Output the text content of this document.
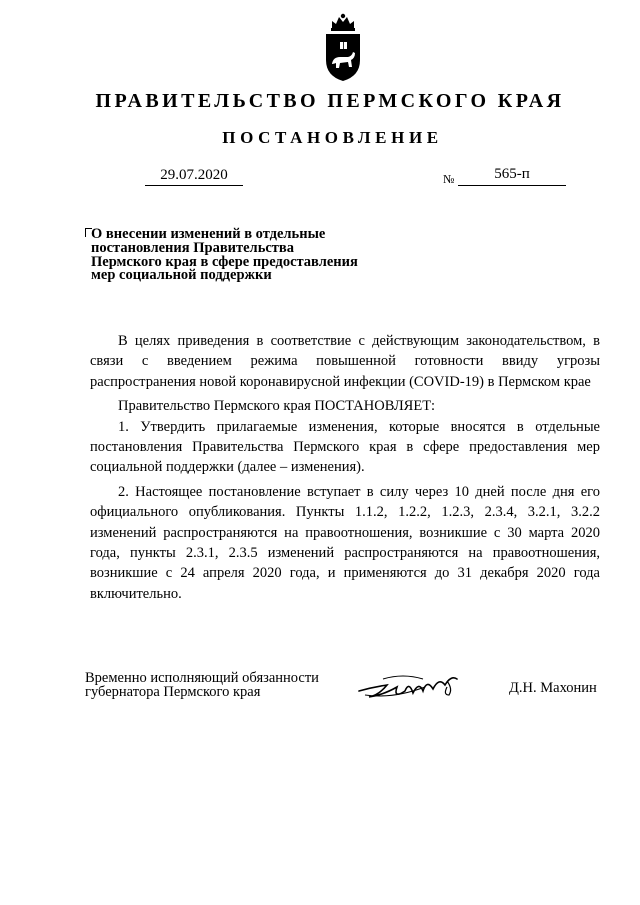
ПРАВИТЕЛЬСТВО ПЕРМСКОГО КРАЯ
ПОСТАНОВЛЕНИЕ
29.07.2020	№	565-п
О внесении изменений в отдельные
постановления Правительства
Пермского края в сфере предоставления
мер социальной поддержки

В целях приведения в соответствие с действующим законодательством, в связи с введением режима повышенной готовности ввиду угрозы распространения новой коронавирусной инфекции (COVID-19) в Пермском крае

Правительство Пермского края ПОСТАНОВЛЯЕТ:

1. Утвердить прилагаемые изменения, которые вносятся в отдельные постановления Правительства Пермского края в сфере предоставления мер социальной поддержки (далее – изменения).

2. Настоящее постановление вступает в силу через 10 дней после дня его официального опубликования. Пункты 1.1.2, 1.2.2, 1.2.3, 2.3.4, 3.2.1, 3.2.2 изменений распространяются на правоотношения, возникшие с 30 марта 2020 года, пункты 2.3.1, 2.3.5 изменений распространяются на правоотношения, возникшие с 24 апреля 2020 года, и применяются до 31 декабря 2020 года включительно.

Временно исполняющий обязанности
губернатора Пермского края	Д.Н. Махонин
